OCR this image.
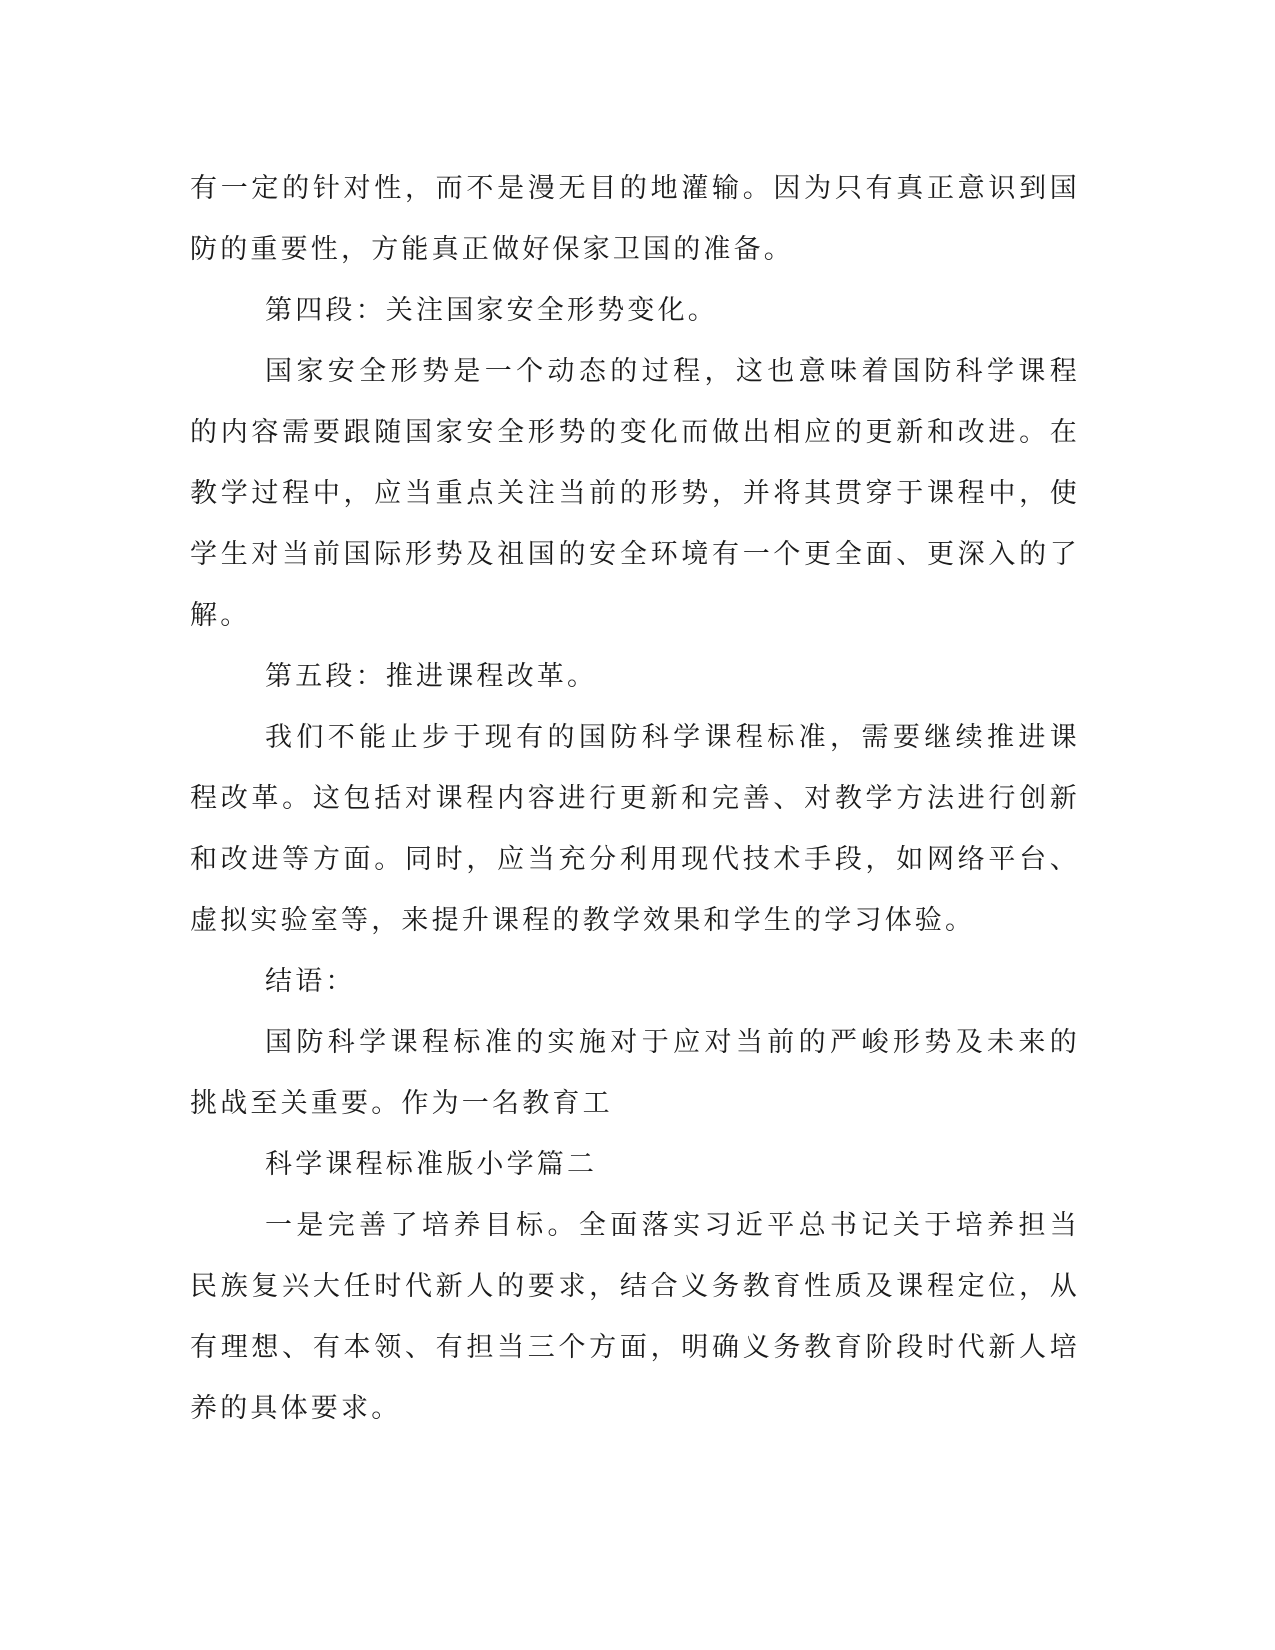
有一定的针对性，而不是漫无目的地灌输。因为只有真正意识到国防的重要性，方能真正做好保家卫国的准备。

第四段：关注国家安全形势变化。

国家安全形势是一个动态的过程，这也意味着国防科学课程的内容需要跟随国家安全形势的变化而做出相应的更新和改进。在教学过程中，应当重点关注当前的形势，并将其贯穿于课程中，使学生对当前国际形势及祖国的安全环境有一个更全面、更深入的了解。

第五段：推进课程改革。

我们不能止步于现有的国防科学课程标准，需要继续推进课程改革。这包括对课程内容进行更新和完善、对教学方法进行创新和改进等方面。同时，应当充分利用现代技术手段，如网络平台、虚拟实验室等，来提升课程的教学效果和学生的学习体验。

结语：

国防科学课程标准的实施对于应对当前的严峻形势及未来的挑战至关重要。作为一名教育工

科学课程标准版小学篇二

一是完善了培养目标。全面落实习近平总书记关于培养担当民族复兴大任时代新人的要求，结合义务教育性质及课程定位，从有理想、有本领、有担当三个方面，明确义务教育阶段时代新人培养的具体要求。
